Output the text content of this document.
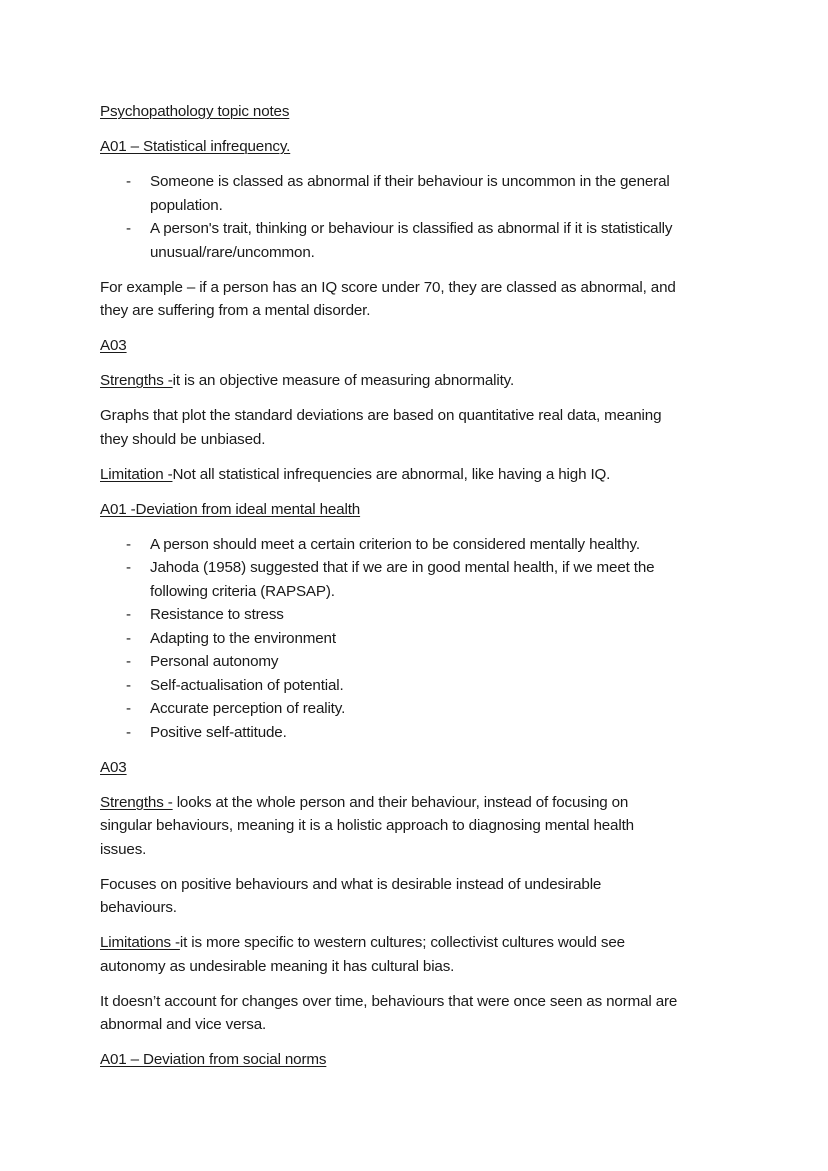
Psychopathology topic notes

A01 – Statistical infrequency.

- Someone is classed as abnormal if their behaviour is uncommon in the general
population.
- A person's trait, thinking or behaviour is classified as abnormal if it is statistically
unusual/rare/uncommon.

For example – if a person has an IQ score under 70, they are classed as abnormal, and
they are suffering from a mental disorder.

A03

Strengths -it is an objective measure of measuring abnormality.

Graphs that plot the standard deviations are based on quantitative real data, meaning
they should be unbiased.

Limitation -Not all statistical infrequencies are abnormal, like having a high IQ.

A01 -Deviation from ideal mental health

- A person should meet a certain criterion to be considered mentally healthy.
- Jahoda (1958) suggested that if we are in good mental health, if we meet the
following criteria (RAPSAP).
- Resistance to stress
- Adapting to the environment
- Personal autonomy
- Self-actualisation of potential.
- Accurate perception of reality.
- Positive self-attitude.

A03

Strengths - looks at the whole person and their behaviour, instead of focusing on
singular behaviours, meaning it is a holistic approach to diagnosing mental health
issues.

Focuses on positive behaviours and what is desirable instead of undesirable
behaviours.

Limitations -it is more specific to western cultures; collectivist cultures would see
autonomy as undesirable meaning it has cultural bias.

It doesn’t account for changes over time, behaviours that were once seen as normal are
abnormal and vice versa.

A01 – Deviation from social norms
